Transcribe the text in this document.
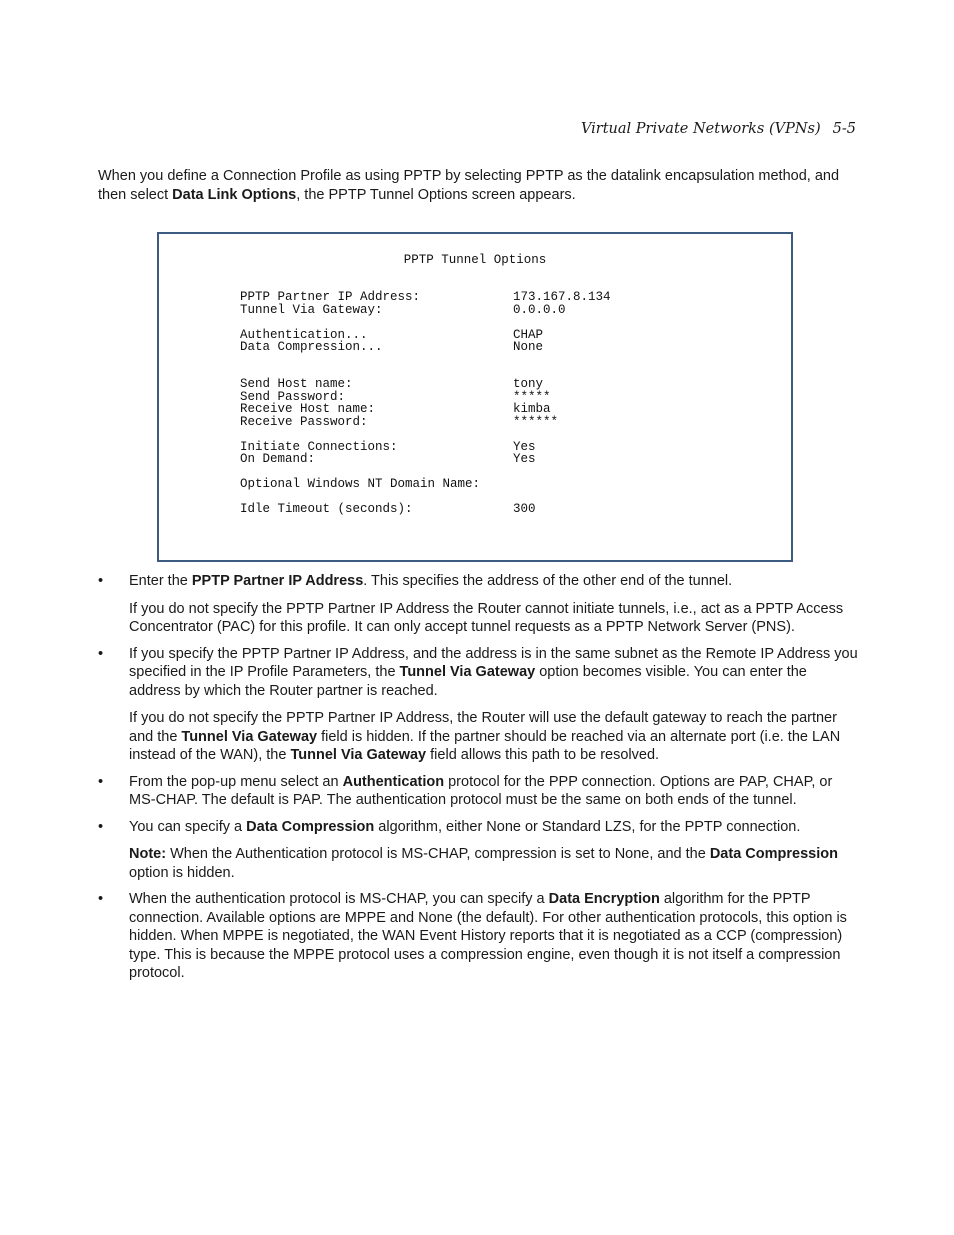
Virtual Private Networks (VPNs) 5-5

When you define a Connection Profile as using PPTP by selecting PPTP as the datalink encapsulation method, and then select Data Link Options, the PPTP Tunnel Options screen appears.

PPTP Tunnel Options
PPTP Partner IP Address:	173.167.8.134
Tunnel Via Gateway:	0.0.0.0
Authentication...	CHAP
Data Compression...	None
Send Host name:	tony
Send Password:	*****
Receive Host name:	kimba
Receive Password:	******
Initiate Connections:	Yes
On Demand:	Yes
Optional Windows NT Domain Name:
Idle Timeout (seconds):	300
• Enter the PPTP Partner IP Address. This specifies the address of the other end of the tunnel.

If you do not specify the PPTP Partner IP Address the Router cannot initiate tunnels, i.e., act as a PPTP Access Concentrator (PAC) for this profile. It can only accept tunnel requests as a PPTP Network Server (PNS).

• If you specify the PPTP Partner IP Address, and the address is in the same subnet as the Remote IP Address you specified in the IP Profile Parameters, the Tunnel Via Gateway option becomes visible. You can enter the address by which the Router partner is reached.

If you do not specify the PPTP Partner IP Address, the Router will use the default gateway to reach the partner and the Tunnel Via Gateway field is hidden. If the partner should be reached via an alternate port (i.e. the LAN instead of the WAN), the Tunnel Via Gateway field allows this path to be resolved.

• From the pop-up menu select an Authentication protocol for the PPP connection. Options are PAP, CHAP, or MS-CHAP. The default is PAP. The authentication protocol must be the same on both ends of the tunnel.

• You can specify a Data Compression algorithm, either None or Standard LZS, for the PPTP connection.

Note: When the Authentication protocol is MS-CHAP, compression is set to None, and the Data Compression option is hidden.

• When the authentication protocol is MS-CHAP, you can specify a Data Encryption algorithm for the PPTP connection. Available options are MPPE and None (the default). For other authentication protocols, this option is hidden. When MPPE is negotiated, the WAN Event History reports that it is negotiated as a CCP (compression) type. This is because the MPPE protocol uses a compression engine, even though it is not itself a compression protocol.
